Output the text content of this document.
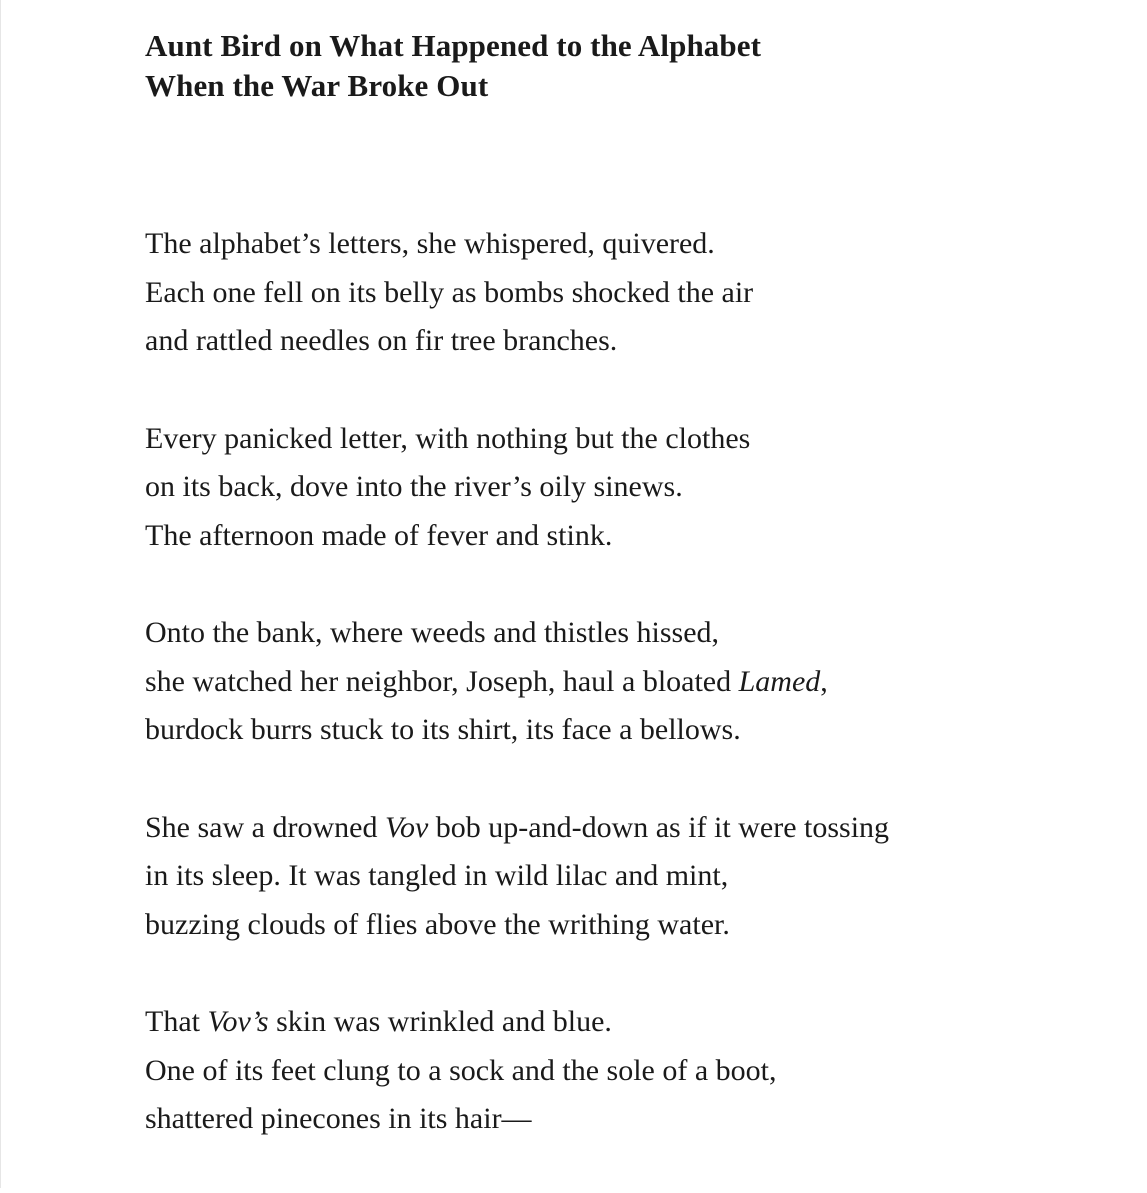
Aunt Bird on What Happened to the Alphabet
When the War Broke Out
The alphabet’s letters, she whispered, quivered.
Each one fell on its belly as bombs shocked the air
and rattled needles on fir tree branches.
Every panicked letter, with nothing but the clothes
on its back, dove into the river’s oily sinews.
The afternoon made of fever and stink.
Onto the bank, where weeds and thistles hissed,
she watched her neighbor, Joseph, haul a bloated Lamed,
burdock burrs stuck to its shirt, its face a bellows.
She saw a drowned Vov bob up-and-down as if it were tossing
in its sleep. It was tangled in wild lilac and mint,
buzzing clouds of flies above the writhing water.
That Vov’s skin was wrinkled and blue.
One of its feet clung to a sock and the sole of a boot,
shattered pinecones in its hair—
